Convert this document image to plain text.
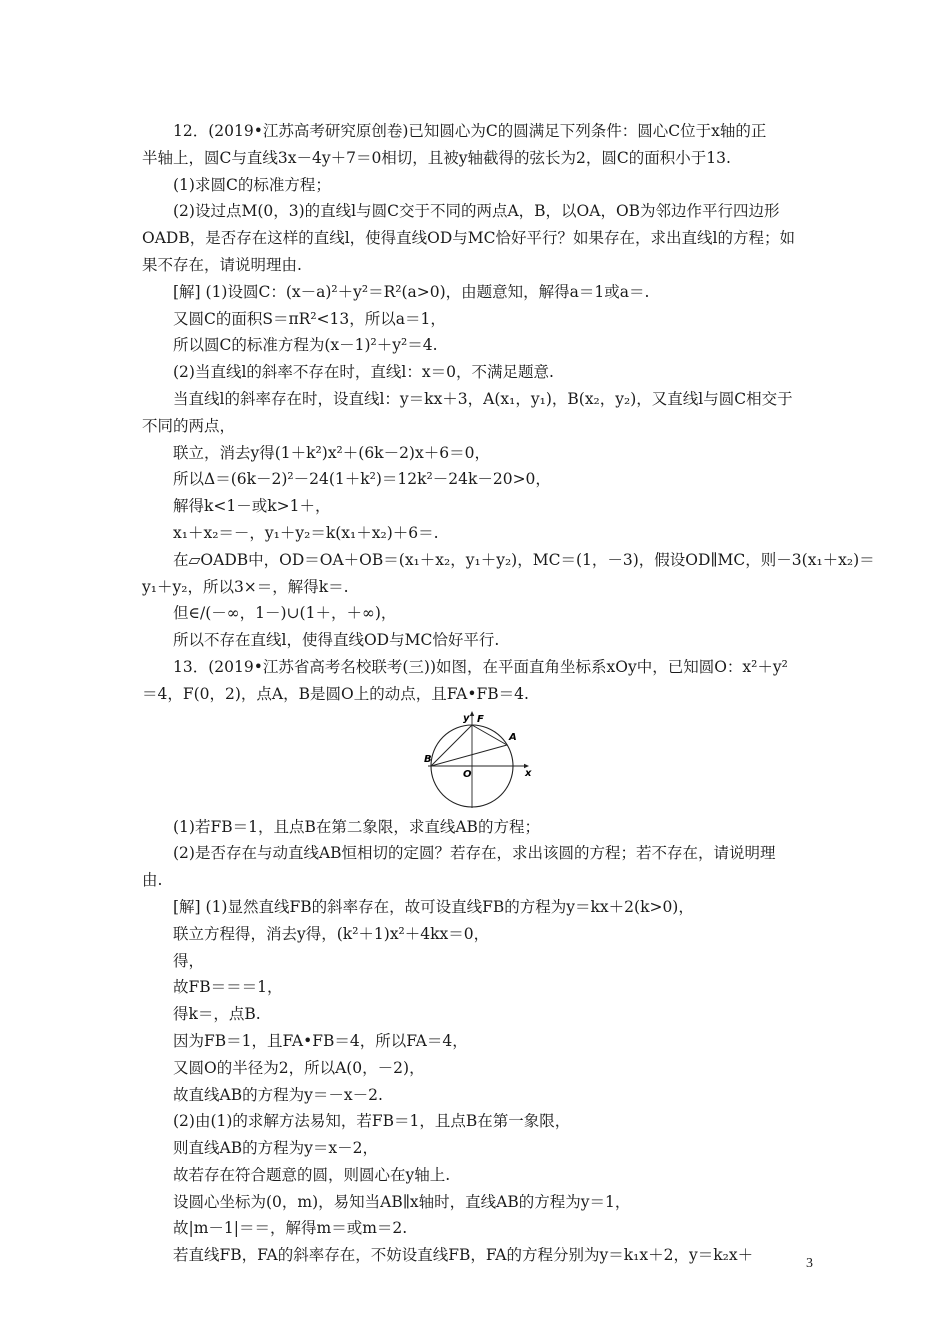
12．(2019•江苏高考研究原创卷)已知圆心为C的圆满足下列条件：圆心C位于x轴的正
半轴上，圆C与直线3x－4y＋7＝0相切，且被y轴截得的弦长为2，圆C的面积小于13.
(1)求圆C的标准方程；
(2)设过点M(0，3)的直线l与圆C交于不同的两点A，B，以OA，OB为邻边作平行四边形
OADB，是否存在这样的直线l，使得直线OD与MC恰好平行？如果存在，求出直线l的方程；如
果不存在，请说明理由.
[解] (1)设圆C：(x－a)²＋y²＝R²(a>0)，由题意知，解得a＝1或a＝.
又圆C的面积S＝πR²<13，所以a＝1，
所以圆C的标准方程为(x－1)²＋y²＝4.
(2)当直线l的斜率不存在时，直线l：x＝0，不满足题意.
当直线l的斜率存在时，设直线l：y＝kx＋3，A(x₁，y₁)，B(x₂，y₂)，又直线l与圆C相交于
不同的两点，
联立，消去y得(1＋k²)x²＋(6k－2)x＋6＝0，
所以Δ＝(6k－2)²－24(1＋k²)＝12k²－24k－20>0，
解得k<1－或k>1＋，
x₁＋x₂＝－，y₁＋y₂＝k(x₁＋x₂)＋6＝.
在▱OADB中，OD＝OA＋OB＝(x₁＋x₂，y₁＋y₂)，MC＝(1，－3)，假设OD∥MC，则－3(x₁＋x₂)＝
y₁＋y₂，所以3×＝，解得k＝.
但∈/(－∞，1－)∪(1＋，＋∞)，
所以不存在直线l，使得直线OD与MC恰好平行.
13．(2019•江苏省高考名校联考(三))如图，在平面直角坐标系xOy中，已知圆O：x²＋y²
＝4，F(0，2)，点A，B是圆O上的动点，且FA•FB＝4.
y F
A
B
O	x
(1)若FB＝1，且点B在第二象限，求直线AB的方程；
(2)是否存在与动直线AB恒相切的定圆？若存在，求出该圆的方程；若不存在，请说明理
由.
[解] (1)显然直线FB的斜率存在，故可设直线FB的方程为y＝kx＋2(k>0)，
联立方程得，消去y得，(k²＋1)x²＋4kx＝0，
得，
故FB＝＝＝1，
得k＝，点B.
因为FB＝1，且FA•FB＝4，所以FA＝4，
又圆O的半径为2，所以A(0，－2)，
故直线AB的方程为y＝－x－2.
(2)由(1)的求解方法易知，若FB＝1，且点B在第一象限，
则直线AB的方程为y＝x－2，
故若存在符合题意的圆，则圆心在y轴上.
设圆心坐标为(0，m)，易知当AB∥x轴时，直线AB的方程为y＝1，
故|m－1|＝＝，解得m＝或m＝2.
若直线FB，FA的斜率存在，不妨设直线FB，FA的方程分别为y＝k₁x＋2，y＝k₂x＋	3
